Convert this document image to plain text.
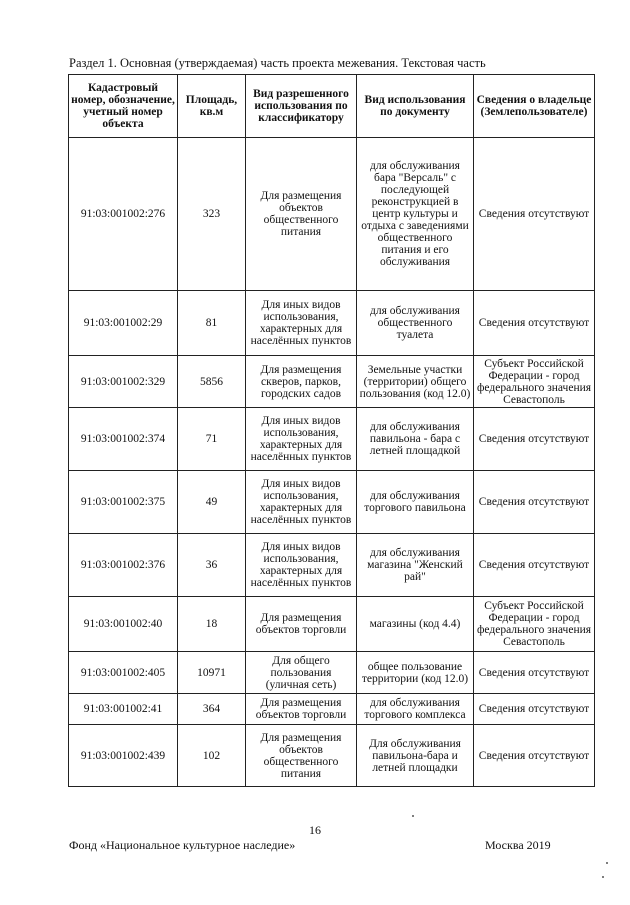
Раздел 1. Основная (утверждаемая) часть проекта межевания. Текстовая часть
Кадастровый номер, обозначение, учетный номер объекта	Площадь, кв.м	Вид разрешенного использования по классификатору	Вид использования по документу	Сведения о владельце (Землепользователе)
91:03:001002:276	323	Для размещения объектов общественного питания	для обслуживания бара "Версаль" с последующей реконструкцией в центр культуры и отдыха с заведениями общественного питания и его обслуживания	Сведения отсутствуют
91:03:001002:29	81	Для иных видов использования, характерных для населённых пунктов	для обслуживания общественного туалета	Сведения отсутствуют
91:03:001002:329	5856	Для размещения скверов, парков, городских садов	Земельные участки (территории) общего пользования (код 12.0)	Субъект Российской Федерации - город федерального значения Севастополь
91:03:001002:374	71	Для иных видов использования, характерных для населённых пунктов	для обслуживания павильона - бара с летней площадкой	Сведения отсутствуют
91:03:001002:375	49	Для иных видов использования, характерных для населённых пунктов	для обслуживания торгового павильона	Сведения отсутствуют
91:03:001002:376	36	Для иных видов использования, характерных для населённых пунктов	для обслуживания магазина "Женский рай"	Сведения отсутствуют
91:03:001002:40	18	Для размещения объектов торговли	магазины (код 4.4)	Субъект Российской Федерации - город федерального значения Севастополь
91:03:001002:405	10971	Для общего пользования (уличная сеть)	общее пользование территории (код 12.0)	Сведения отсутствуют
91:03:001002:41	364	Для размещения объектов торговли	для обслуживания торгового комплекса	Сведения отсутствуют
91:03:001002:439	102	Для размещения объектов общественного питания	Для обслуживания павильона-бара и летней площадки	Сведения отсутствуют
16
Фонд «Национальное культурное наследие»	Москва 2019
